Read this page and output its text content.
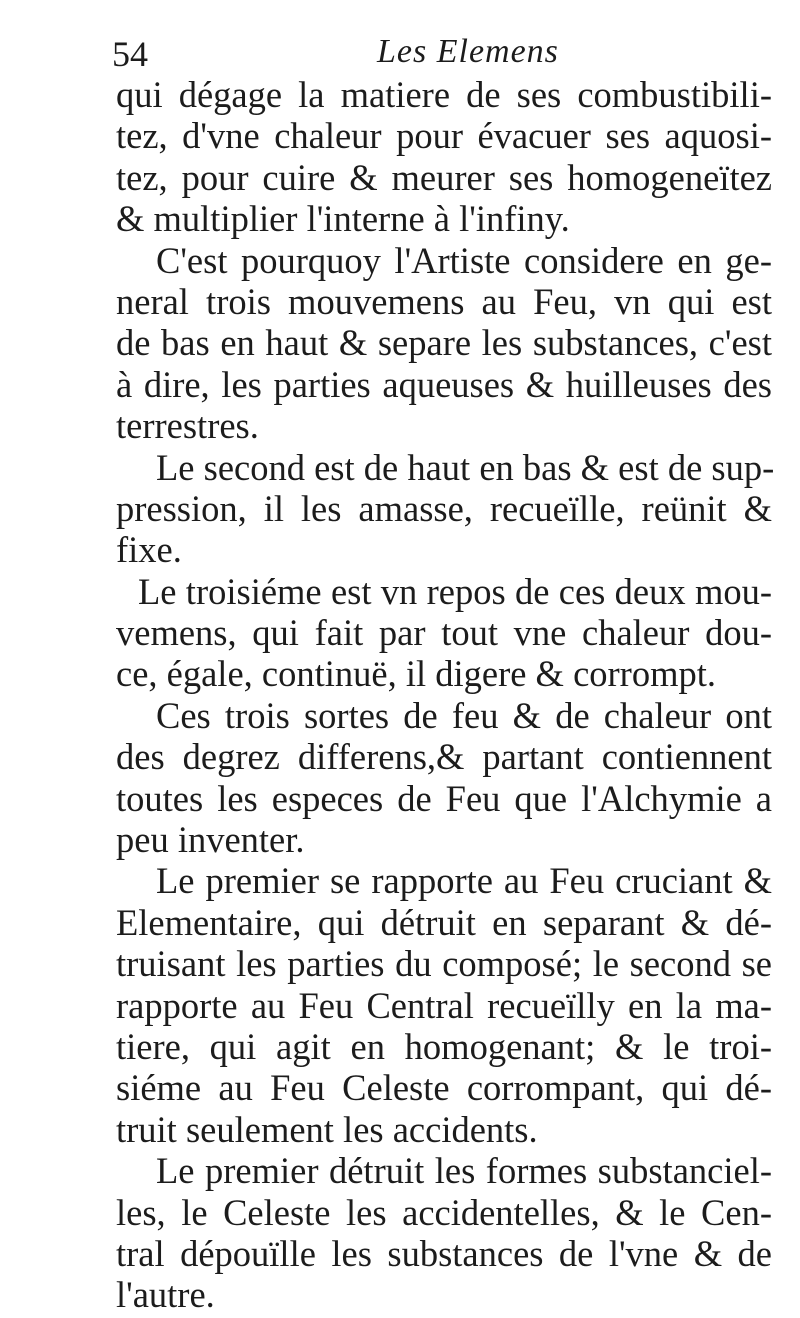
54	Les Elemens
qui dégage la matiere de ses combustibili-
tez, d'vne chaleur pour évacuer ses aquosi-
tez, pour cuire & meurer ses homogeneïtez
& multiplier l'interne à l'infiny.
C'est pourquoy l'Artiste considere en ge-
neral trois mouvemens au Feu, vn qui est
de bas en haut & separe les substances, c'est
à dire, les parties aqueuses & huilleuses des
terrestres.
Le second est de haut en bas & est de sup-
pression, il les amasse, recueïlle, reünit &
fixe.
Le troisiéme est vn repos de ces deux mou-
vemens, qui fait par tout vne chaleur dou-
ce, égale, continuë, il digere & corrompt.
Ces trois sortes de feu & de chaleur ont
des degrez differens,& partant contiennent
toutes les especes de Feu que l'Alchymie a
peu inventer.
Le premier se rapporte au Feu cruciant &
Elementaire, qui détruit en separant & dé-
truisant les parties du composé; le second se
rapporte au Feu Central recueïlly en la ma-
tiere, qui agit en homogenant; & le troi-
siéme au Feu Celeste corrompant, qui dé-
truit seulement les accidents.
Le premier détruit les formes substanciel-
les, le Celeste les accidentelles, & le Cen-
tral dépouïlle les substances de l'vne & de
l'autre.
